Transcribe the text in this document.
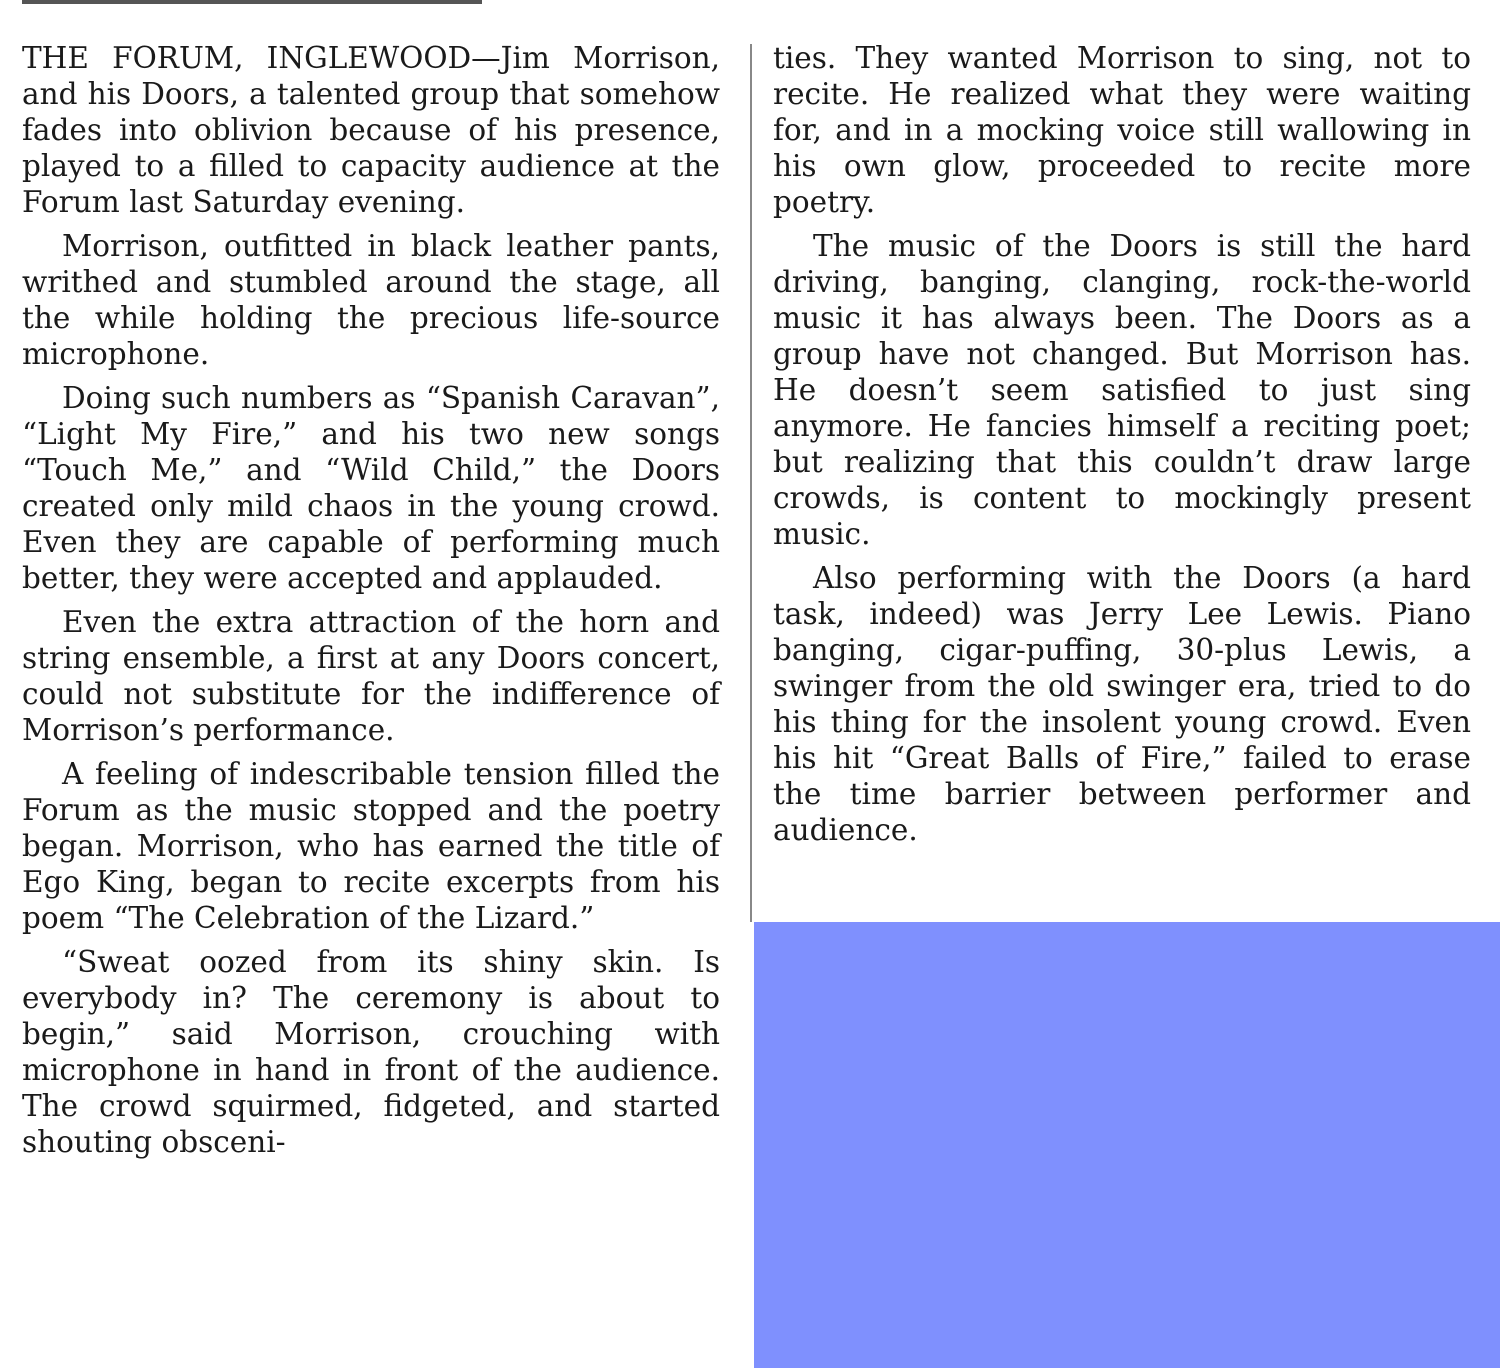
THE FORUM, INGLEWOOD—Jim Morrison, and his Doors, a talented group that somehow fades into oblivion because of his presence, played to a filled to capacity audience at the Forum last Saturday evening.

Morrison, outfitted in black leather pants, writhed and stumbled around the stage, all the while holding the precious life-source microphone.

Doing such numbers as “Spanish Caravan”, “Light My Fire,” and his two new songs “Touch Me,” and “Wild Child,” the Doors created only mild chaos in the young crowd. Even they are capable of performing much better, they were accepted and applauded.

Even the extra attraction of the horn and string ensemble, a first at any Doors concert, could not substitute for the indifference of Morrison’s performance.

A feeling of indescribable tension filled the Forum as the music stopped and the poetry began. Morrison, who has earned the title of Ego King, began to recite excerpts from his poem “The Celebration of the Lizard.”

“Sweat oozed from its shiny skin. Is everybody in? The ceremony is about to begin,” said Morrison, crouching with microphone in hand in front of the audience. The crowd squirmed, fidgeted, and started shouting obsceni-

ties. They wanted Morrison to sing, not to recite. He realized what they were waiting for, and in a mocking voice still wallowing in his own glow, proceeded to recite more poetry.

The music of the Doors is still the hard driving, banging, clanging, rock-the-world music it has always been. The Doors as a group have not changed. But Morrison has. He doesn’t seem satisfied to just sing anymore. He fancies himself a reciting poet; but realizing that this couldn’t draw large crowds, is content to mockingly present music.

Also performing with the Doors (a hard task, indeed) was Jerry Lee Lewis. Piano banging, cigar-puffing, 30-plus Lewis, a swinger from the old swinger era, tried to do his thing for the insolent young crowd. Even his hit “Great Balls of Fire,” failed to erase the time barrier between performer and audience.
